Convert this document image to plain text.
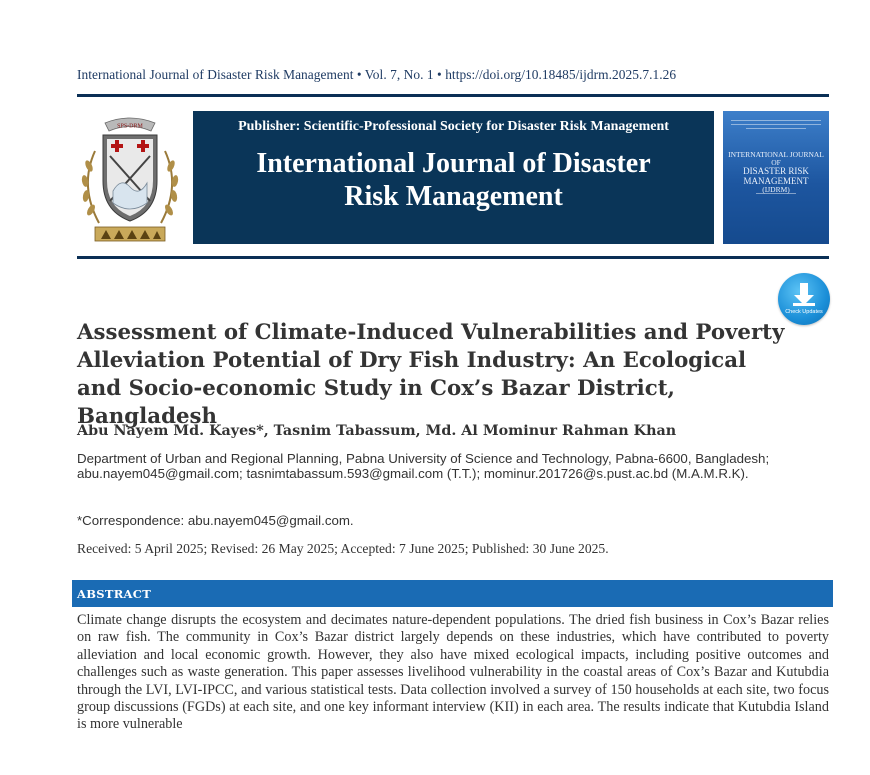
International Journal of Disaster Risk Management • Vol. 7, No. 1 • https://doi.org/10.18485/ijdrm.2025.7.1.26
SPS-DRM	Publisher: Scientific-Professional Society for Disaster Risk Management
International Journal of Disaster
Risk Management
INTERNATIONAL JOURNAL OF
DISASTER RISK
MANAGEMENT
(IJDRM)
Check Updates
Assessment of Climate-Induced Vulnerabilities and Poverty Alleviation Potential of Dry Fish Industry: An Ecological and Socio-economic Study in Cox’s Bazar District, Bangladesh
Abu Nayem Md. Kayes*, Tasnim Tabassum, Md. Al Mominur Rahman Khan
Department of Urban and Regional Planning, Pabna University of Science and Technology, Pabna-6600, Bangladesh; abu.nayem045@gmail.com; tasnimtabassum.593@gmail.com (T.T.); mominur.201726@s.pust.ac.bd (M.A.M.R.K).
*Correspondence: abu.nayem045@gmail.com.
Received: 5 April 2025; Revised: 26 May 2025; Accepted: 7 June 2025; Published: 30 June 2025.
ABSTRACT
Climate change disrupts the ecosystem and decimates nature-dependent populations. The dried fish business in Cox’s Bazar relies on raw fish. The community in Cox’s Bazar district largely depends on these industries, which have contributed to poverty alleviation and local economic growth. However, they also have mixed ecological impacts, including positive outcomes and challenges such as waste generation. This paper assesses livelihood vulnerability in the coastal areas of Cox’s Bazar and Kutubdia through the LVI, LVI-IPCC, and various statistical tests. Data collection involved a survey of 150 households at each site, two focus group discussions (FGDs) at each site, and one key informant interview (KII) in each area. The results indicate that Kutubdia Island is more vulnerable
